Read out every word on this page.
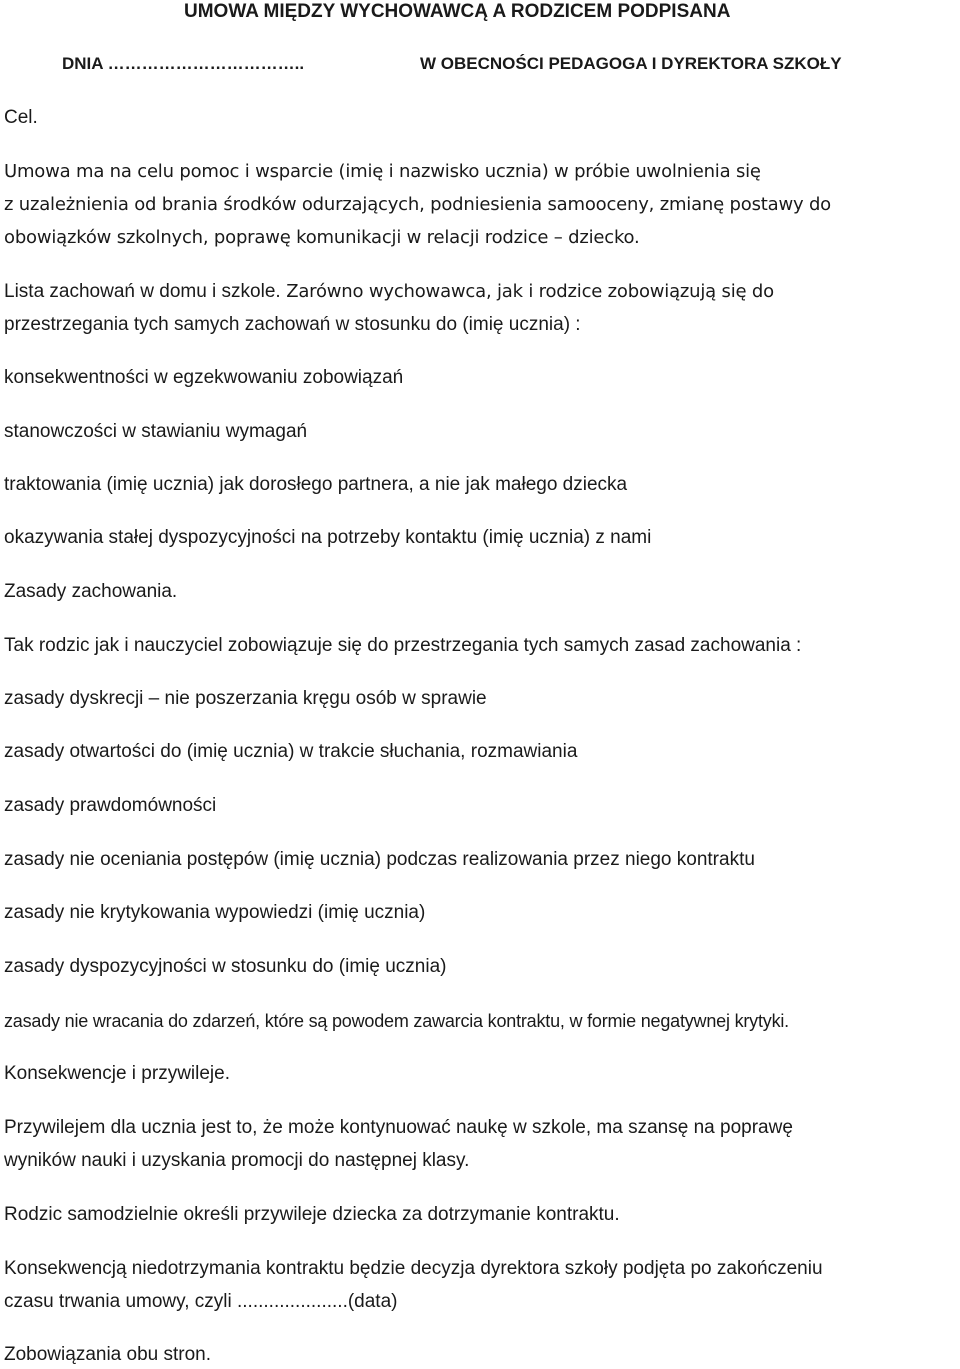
UMOWA MIĘDZY WYCHOWAWCĄ A RODZICEM PODPISANA

DNIA ……………………………..	W OBECNOŚCI PEDAGOGA I DYREKTORA SZKOŁY

Cel.

Umowa ma na celu pomoc i wsparcie (imię i nazwisko ucznia) w próbie uwolnienia się

z uzależnienia od brania środków odurzających, podniesienia samooceny, zmianę postawy do

obowiązków szkolnych, poprawę komunikacji w relacji rodzice – dziecko.

Lista zachowań w domu i szkole. Zarówno wychowawca, jak i rodzice zobowiązują się do

przestrzegania tych samych zachowań w stosunku do (imię ucznia) :

konsekwentności w egzekwowaniu zobowiązań

stanowczości w stawianiu wymagań

traktowania (imię ucznia) jak dorosłego partnera, a nie jak małego dziecka

okazywania stałej dyspozycyjności na potrzeby kontaktu (imię ucznia) z nami

Zasady zachowania.

Tak rodzic jak i nauczyciel zobowiązuje się do przestrzegania tych samych zasad zachowania :

zasady dyskrecji – nie poszerzania kręgu osób w sprawie

zasady otwartości do (imię ucznia) w trakcie słuchania, rozmawiania

zasady prawdomówności

zasady nie oceniania postępów (imię ucznia) podczas realizowania przez niego kontraktu

zasady nie krytykowania wypowiedzi (imię ucznia)

zasady dyspozycyjności w stosunku do (imię ucznia)

zasady nie wracania do zdarzeń, które są powodem zawarcia kontraktu, w formie negatywnej krytyki.

Konsekwencje i przywileje.

Przywilejem dla ucznia jest to, że może kontynuować naukę w szkole, ma szansę na poprawę

wyników nauki i uzyskania promocji do następnej klasy.

Rodzic samodzielnie określi przywileje dziecka za dotrzymanie kontraktu.

Konsekwencją niedotrzymania kontraktu będzie decyzja dyrektora szkoły podjęta po zakończeniu

czasu trwania umowy, czyli .....................(data)

Zobowiązania obu stron.
